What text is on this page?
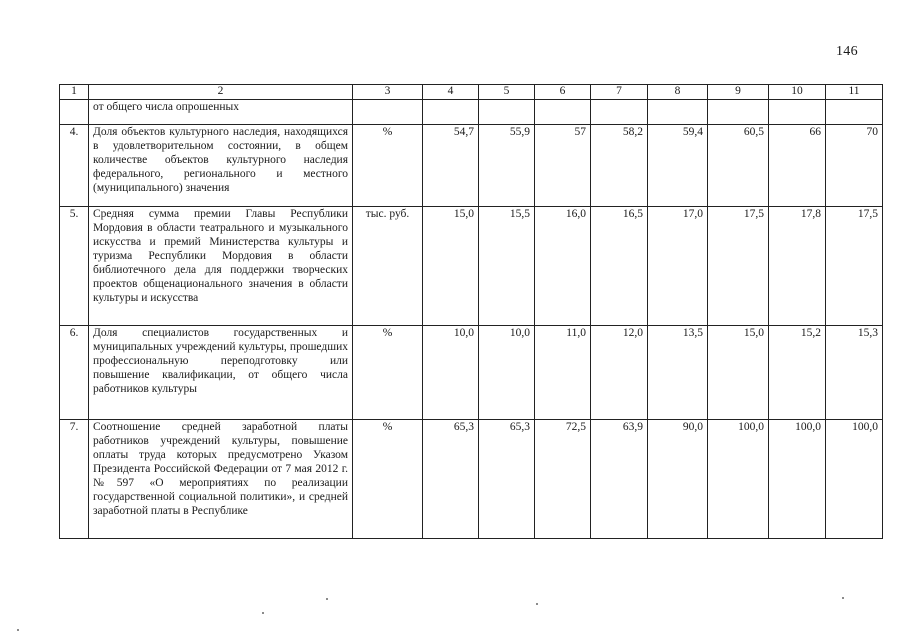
146
1	2	3	4	5	6	7	8	9	10	11
	от общего числа опрошенных									
4.	Доля объектов культурного наследия, находящихся в удовлетворительном состоянии, в общем количестве объектов культурного наследия федерального, регионального и местного (муниципального) значения	%	54,7	55,9	57	58,2	59,4	60,5	66	70
5.	Средняя сумма премии Главы Республики Мордовия в области театрального и музыкального искусства и премий Министерства культуры и туризма Республики Мордовия в области библиотечного дела для поддержки творческих проектов общенационального значения в области культуры и искусства	тыс. руб.	15,0	15,5	16,0	16,5	17,0	17,5	17,8	17,5
6.	Доля специалистов государственных и муниципальных учреждений культуры, прошедших профессиональную переподготовку или повышение квалификации, от общего числа работников культуры	%	10,0	10,0	11,0	12,0	13,5	15,0	15,2	15,3
7.	Соотношение средней заработной платы работников учреждений культуры, повышение оплаты труда которых предусмотрено Указом Президента Российской Федерации от 7 мая 2012 г. №597 «О мероприятиях по реализации государственной социальной политики», и средней заработной платы в Республике	%	65,3	65,3	72,5	63,9	90,0	100,0	100,0	100,0
